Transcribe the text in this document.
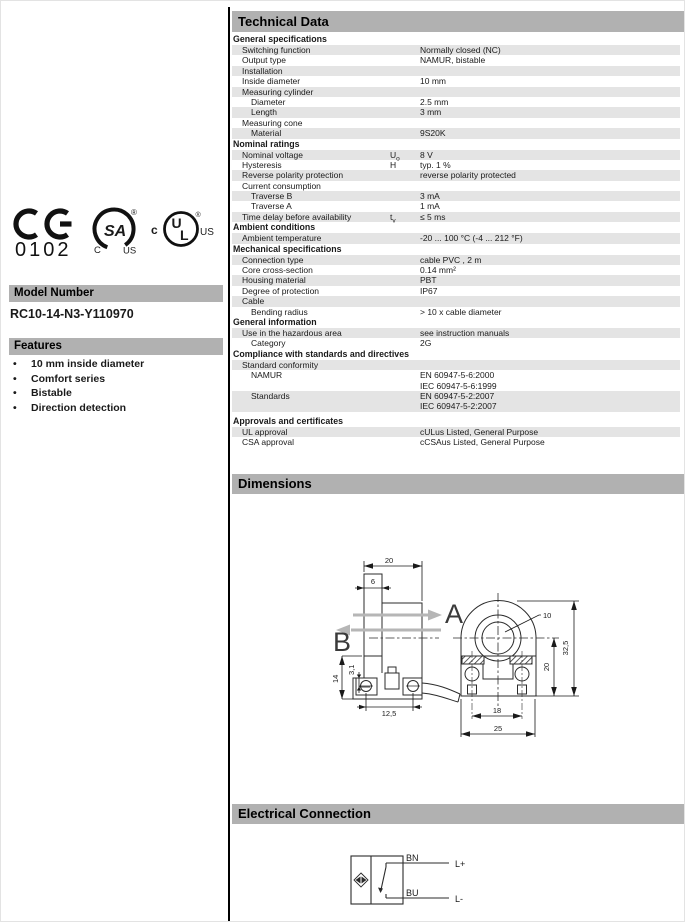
0102
SA
®
C US
c U
L
®
US
Model Number
RC10-14-N3-Y110970
Features
• 10 mm inside diameter
• Comfort series
• Bistable
• Direction detection
Technical Data
General specifications
Switching function	Normally closed (NC)
Output type	NAMUR, bistable
Installation
Inside diameter	10 mm
Measuring cylinder
Diameter	2.5 mm
Length	3 mm
Measuring cone
Material	9S20K
Nominal ratings
Nominal voltage	$U_o$ 8 V
Hysteresis	H	typ. 1 %
Reverse polarity protection	reverse polarity protected
Current consumption
Traverse B	3 mA
Traverse A	1 mA
Time delay before availability	$t_v$	≤ 5 ms
Ambient conditions
Ambient temperature	-20 ... 100 °C (-4 ... 212 °F)
Mechanical specifications
Connection type	cable PVC , 2 m
Core cross-section	0.14 mm²
Housing material	PBT
Degree of protection	IP67
Cable
Bending radius	> 10 x cable diameter
General information
Use in the hazardous area	see instruction manuals
Category	2G
Compliance with standards and directives
Standard conformity
NAMUR	EN 60947-5-6:2000
IEC 60947-5-6:1999
Standards	EN 60947-5-2:2007
IEC 60947-5-2:2007
Approvals and certificates
UL approval	cULus Listed, General Purpose
CSA approval	cCSAus Listed, General Purpose
Dimensions
A
B
20
6
14
3,1
12,5
10
32,5
20
18
25
Electrical Connection
BN
BU
L+
L-
